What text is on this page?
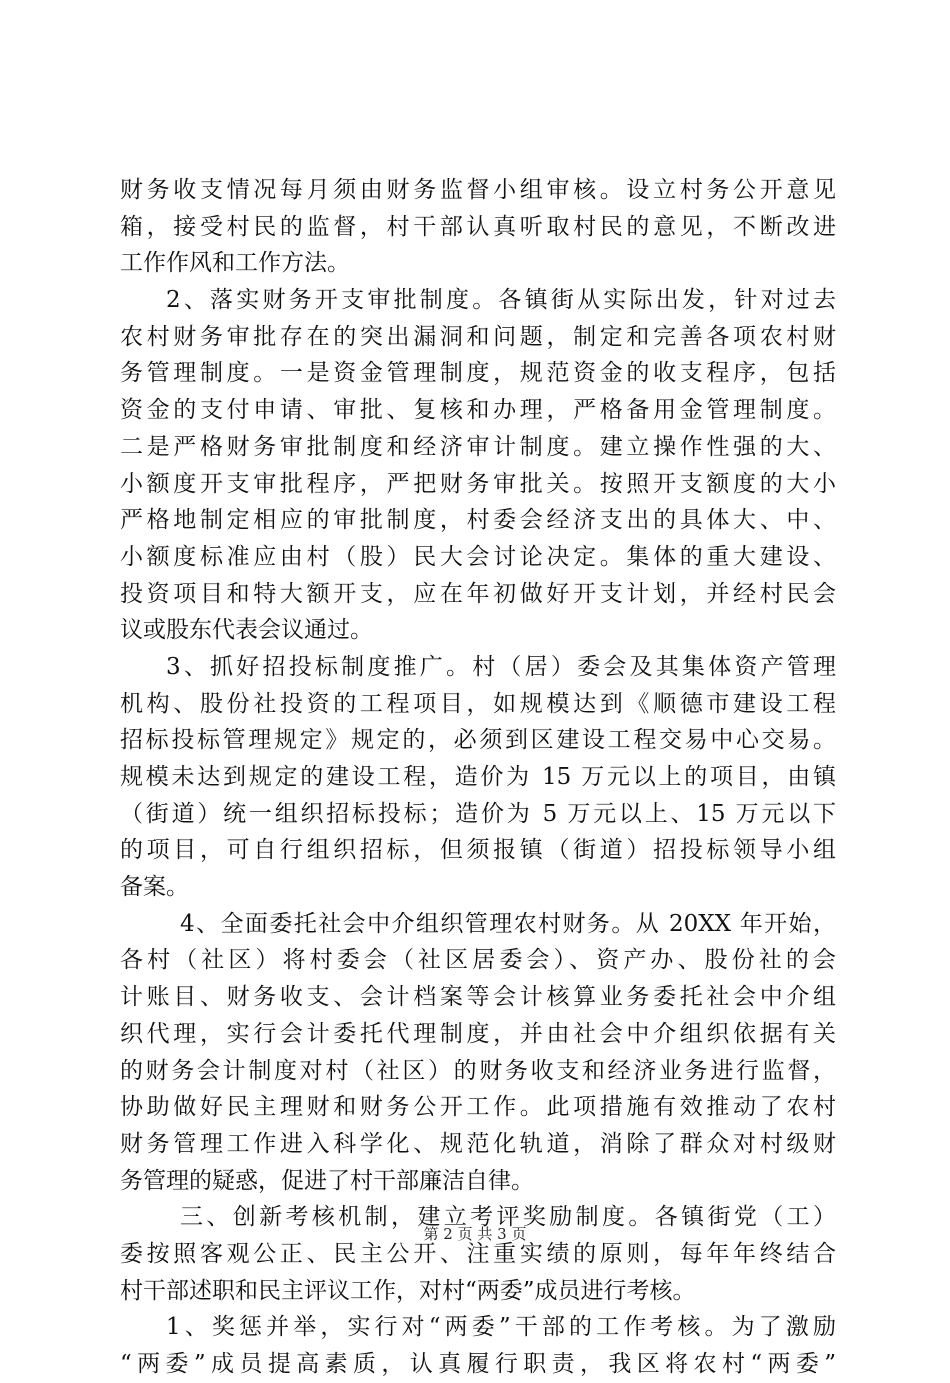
财务收支情况每月须由财务监督小组审核。设立村务公开意见
箱，接受村民的监督，村干部认真听取村民的意见，不断改进
工作作风和工作方法。
2、落实财务开支审批制度。各镇街从实际出发，针对过去
农村财务审批存在的突出漏洞和问题，制定和完善各项农村财
务管理制度。一是资金管理制度，规范资金的收支程序，包括
资金的支付申请、审批、复核和办理，严格备用金管理制度。
二是严格财务审批制度和经济审计制度。建立操作性强的大、
小额度开支审批程序，严把财务审批关。按照开支额度的大小
严格地制定相应的审批制度，村委会经济支出的具体大、中、
小额度标准应由村（股）民大会讨论决定。集体的重大建设、
投资项目和特大额开支，应在年初做好开支计划，并经村民会
议或股东代表会议通过。
3、抓好招投标制度推广。村（居）委会及其集体资产管理
机构、股份社投资的工程项目，如规模达到《顺德市建设工程
招标投标管理规定》规定的，必须到区建设工程交易中心交易。
规模未达到规定的建设工程，造价为 15 万元以上的项目，由镇
（街道）统一组织招标投标；造价为 5 万元以上、15 万元以下
的项目，可自行组织招标，但须报镇（街道）招投标领导小组
备案。
4、全面委托社会中介组织管理农村财务。从 20XX 年开始，
各村（社区）将村委会（社区居委会）、资产办、股份社的会
计账目、财务收支、会计档案等会计核算业务委托社会中介组
织代理，实行会计委托代理制度，并由社会中介组织依据有关
的财务会计制度对村（社区）的财务收支和经济业务进行监督，
协助做好民主理财和财务公开工作。此项措施有效推动了农村
财务管理工作进入科学化、规范化轨道，消除了群众对村级财
务管理的疑惑，促进了村干部廉洁自律。
三、创新考核机制，建立考评奖励制度。各镇街党（工）
委按照客观公正、民主公开、注重实绩的原则，每年年终结合
村干部述职和民主评议工作，对村“两委”成员进行考核。
1、奖惩并举，实行对“两委”干部的工作考核。为了激励
“两委”成员提高素质，认真履行职责，我区将农村“两委”
第 2 页 共 3 页
